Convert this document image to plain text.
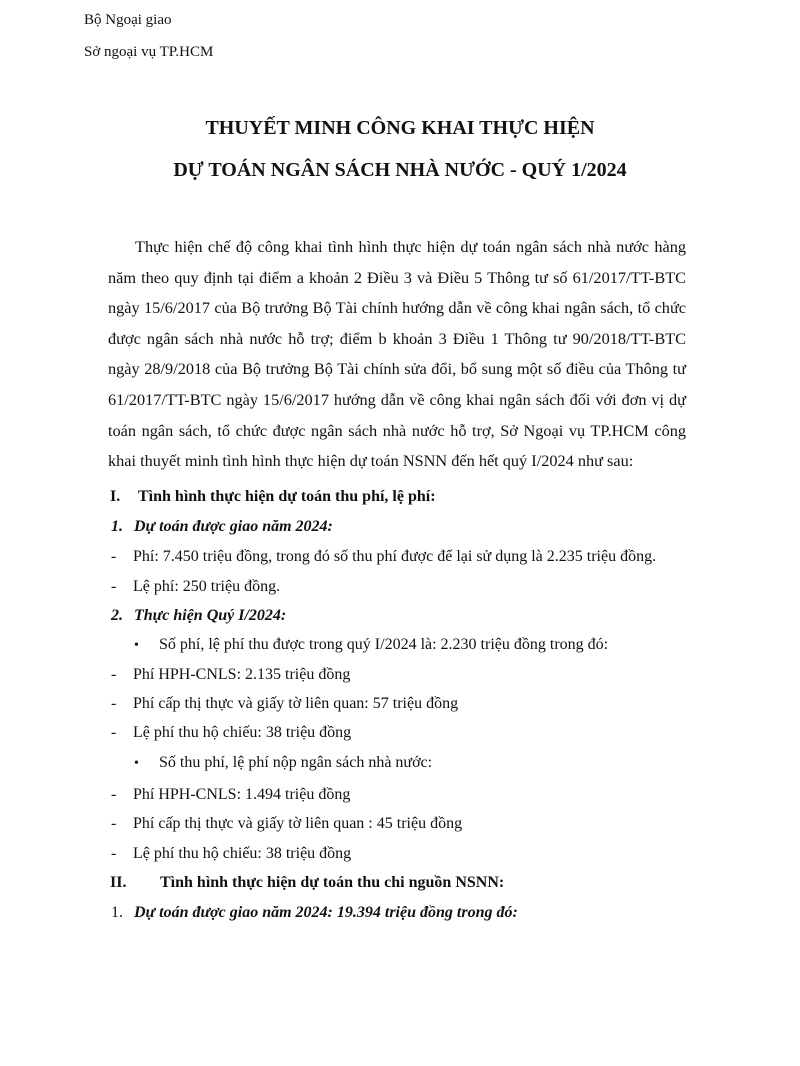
Bộ Ngoại giao
Sở ngoại vụ TP.HCM
THUYẾT MINH CÔNG KHAI THỰC HIỆN
DỰ TOÁN NGÂN SÁCH NHÀ NƯỚC - QUÝ 1/2024
Thực hiện chế độ công khai tình hình thực hiện dự toán ngân sách nhà nước hàng năm theo quy định tại điểm a khoản 2 Điều 3 và Điều 5 Thông tư số 61/2017/TT-BTC ngày 15/6/2017 của Bộ trưởng Bộ Tài chính hướng dẫn về công khai ngân sách, tổ chức được ngân sách nhà nước hỗ trợ; điểm b khoản 3 Điều 1 Thông tư 90/2018/TT-BTC ngày 28/9/2018 của Bộ trưởng Bộ Tài chính sửa đổi, bổ sung một số điều của Thông tư 61/2017/TT-BTC ngày 15/6/2017 hướng dẫn về công khai ngân sách đối với đơn vị dự toán ngân sách, tổ chức được ngân sách nhà nước hỗ trợ, Sở Ngoại vụ TP.HCM công khai thuyết minh tình hình thực hiện dự toán NSNN đến hết quý I/2024 như sau:
I. Tình hình thực hiện dự toán thu phí, lệ phí:
1. Dự toán được giao năm 2024:
- Phí: 7.450 triệu đồng, trong đó số thu phí được để lại sử dụng là 2.235 triệu đồng.
- Lệ phí: 250 triệu đồng.
2. Thực hiện Quý I/2024:
• Số phí, lệ phí thu được trong quý I/2024 là: 2.230 triệu đồng trong đó:
- Phí HPH-CNLS: 2.135 triệu đồng
- Phí cấp thị thực và giấy tờ liên quan: 57 triệu đồng
- Lệ phí thu hộ chiếu: 38 triệu đồng
• Số thu phí, lệ phí nộp ngân sách nhà nước:
- Phí HPH-CNLS: 1.494 triệu đồng
- Phí cấp thị thực và giấy tờ liên quan : 45 triệu đồng
- Lệ phí thu hộ chiếu: 38 triệu đồng
II. Tình hình thực hiện dự toán thu chi nguồn NSNN:
1. Dự toán được giao năm 2024: 19.394 triệu đồng trong đó:
